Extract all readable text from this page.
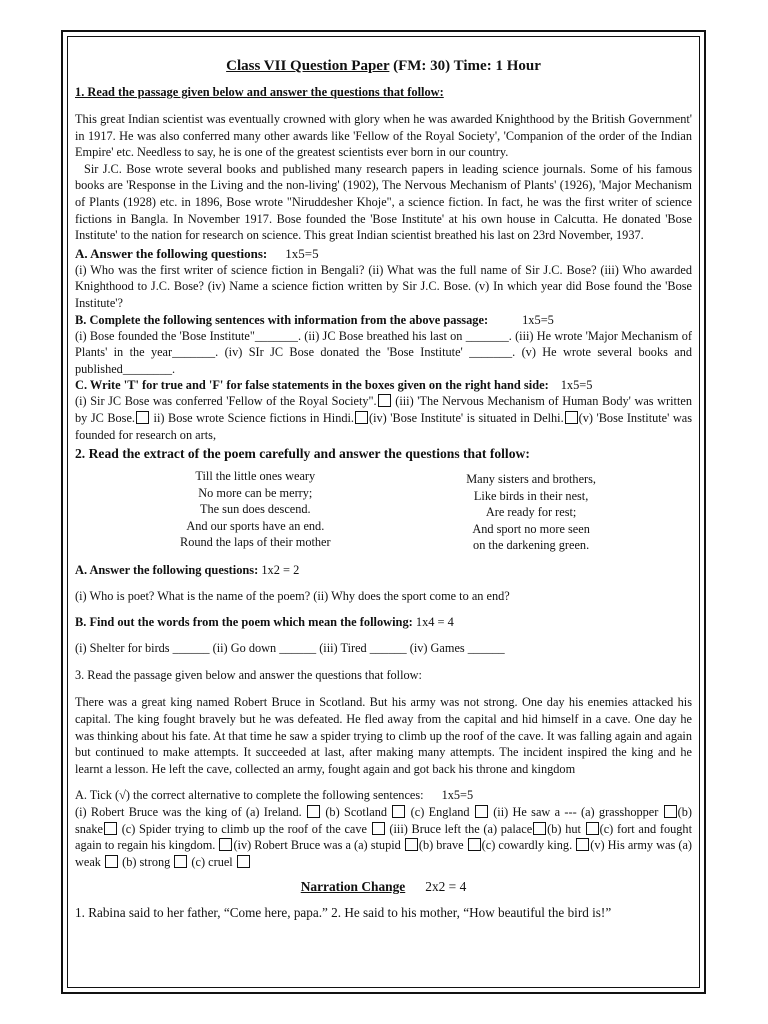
Class VII Question Paper (FM: 30) Time: 1 Hour
1. Read the passage given below and answer the questions that follow:

This great Indian scientist was eventually crowned with glory when he was awarded Knighthood by the British Government' in 1917. He was also conferred many other awards like 'Fellow of the Royal Society', 'Companion of the order of the Indian Empire' etc. Needless to say, he is one of the greatest scientists ever born in our country.

Sir J.C. Bose wrote several books and published many research papers in leading science journals. Some of his famous books are 'Response in the Living and the non-living' (1902), The Nervous Mechanism of Plants' (1926), 'Major Mechanism of Plants (1928) etc. in 1896, Bose wrote "Niruddesher Khoje", a science fiction. In fact, he was the first writer of science fictions in Bangla. In November 1917. Bose founded the 'Bose Institute' at his own house in Calcutta. He donated 'Bose Institute' to the nation for research on science. This great Indian scientist breathed his last on 23rd November, 1937.

A. Answer the following questions: 1x5=5

(i) Who was the first writer of science fiction in Bengali? (ii) What was the full name of Sir J.C. Bose? (iii) Who awarded Knighthood to J.C. Bose? (iv) Name a science fiction written by Sir J.C. Bose. (v) In which year did Bose found the 'Bose Institute'?

B. Complete the following sentences with information from the above passage:	1x5=5

(i) Bose founded the 'Bose Institute"_______. (ii) JC Bose breathed his last on _______. (iii) He wrote 'Major Mechanism of Plants' in the year_______. (iv) SIr JC Bose donated the 'Bose Institute' _______. (v) He wrote several books and published________.

C. Write 'T' for true and 'F' for false statements in the boxes given on the right hand side: 1x5=5

(i) Sir JC Bose was conferred 'Fellow of the Royal Society". (iii) 'The Nervous Mechanism of Human Body' was written by JC Bose. ii) Bose wrote Science fictions in Hindi. (iv) 'Bose Institute' is situated in Delhi. (v) 'Bose Institute' was founded for research on arts,

2. Read the extract of the poem carefully and answer the questions that follow:
Till the little ones weary
No more can be merry;
The sun does descend.
And our sports have an end.
Round the laps of their mother
Many sisters and brothers,
Like birds in their nest,
Are ready for rest;
And sport no more seen
on the darkening green.
A. Answer the following questions: 1x2 = 2

(i) Who is poet? What is the name of the poem? (ii) Why does the sport come to an end?

B. Find out the words from the poem which mean the following: 1x4 = 4

(i) Shelter for birds ______ (ii) Go down ______ (iii) Tired ______ (iv) Games ______

3. Read the passage given below and answer the questions that follow:

There was a great king named Robert Bruce in Scotland. But his army was not strong. One day his enemies attacked his capital. The king fought bravely but he was defeated. He fled away from the capital and hid himself in a cave. One day he was thinking about his fate. At that time he saw a spider trying to climb up the roof of the cave. It was falling again and again but continued to make attempts. It succeeded at last, after making many attempts. The incident inspired the king and he learnt a lesson. He left the cave, collected an army, fought again and got back his throne and kingdom

A. Tick (√) the correct alternative to complete the following sentences: 1x5=5

(i) Robert Bruce was the king of (a) Ireland. (b) Scotland (c) England (ii) He saw a --- (a) grasshopper (b) snake (c) Spider trying to climb up the roof of the cave (iii) Bruce left the (a) palace (b) hut (c) fort and fought again to regain his kingdom. (iv) Robert Bruce was a (a) stupid (b) brave (c) cowardly king. (v) His army was (a) weak (b) strong (c) cruel

Narration Change 2x2 = 4

1. Rabina said to her father, “Come here, papa.” 2. He said to his mother, “How beautiful the bird is!”
